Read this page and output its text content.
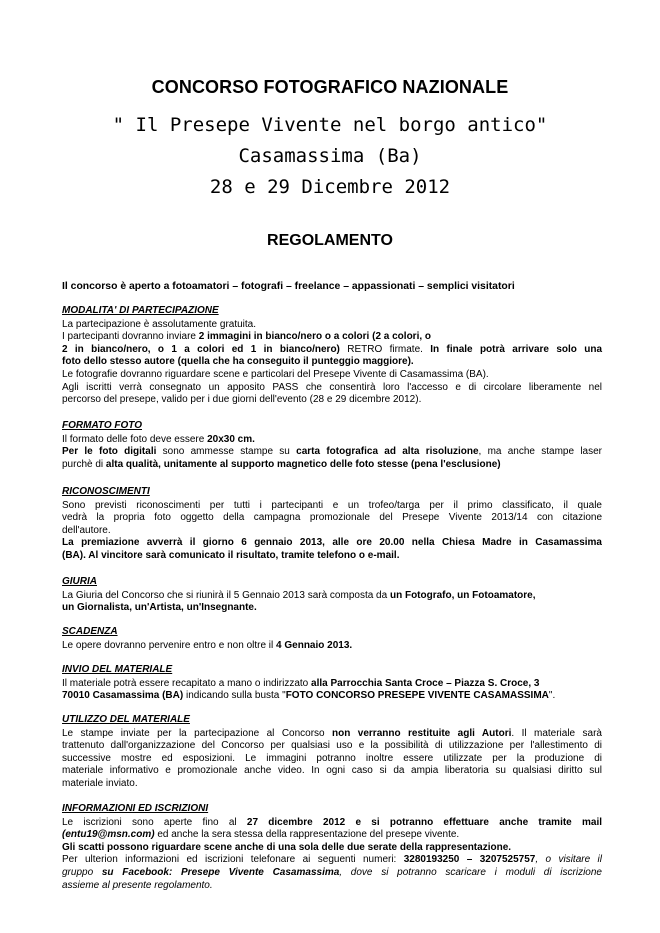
CONCORSO FOTOGRAFICO NAZIONALE
" Il Presepe Vivente nel borgo antico"
Casamassima (Ba)
28 e 29 Dicembre 2012
REGOLAMENTO
Il concorso è aperto a fotoamatori – fotografi – freelance – appassionati – semplici visitatori
MODALITA' DI PARTECIPAZIONE
La partecipazione è assolutamente gratuita.
I partecipanti dovranno inviare 2 immagini in bianco/nero o a colori (2 a colori, o
2 in bianco/nero, o 1 a colori ed 1 in bianco/nero) RETRO firmate. In finale potrà arrivare solo una
foto dello stesso autore (quella che ha conseguito il punteggio maggiore).
Le fotografie dovranno riguardare scene e particolari del Presepe Vivente di Casamassima (BA).
Agli iscritti verrà consegnato un apposito PASS che consentirà loro l'accesso e di circolare liberamente nel
percorso del presepe, valido per i due giorni dell'evento (28 e 29 dicembre 2012).
FORMATO FOTO
Il formato delle foto deve essere 20x30 cm.
Per le foto digitali sono ammesse stampe su carta fotografica ad alta risoluzione, ma anche stampe laser
purchè di alta qualità, unitamente al supporto magnetico delle foto stesse (pena l'esclusione)
RICONOSCIMENTI
Sono previsti riconoscimenti per tutti i partecipanti e un trofeo/targa per il primo classificato, il quale
vedrà la propria foto oggetto della campagna promozionale del Presepe Vivente 2013/14 con citazione
dell'autore.
La premiazione avverrà il giorno 6 gennaio 2013, alle ore 20.00 nella Chiesa Madre in Casamassima
(BA). Al vincitore sarà comunicato il risultato, tramite telefono o e-mail.
GIURIA
La Giuria del Concorso che si riunirà il 5 Gennaio 2013 sarà composta da un Fotografo, un Fotoamatore,
un Giornalista, un'Artista, un'Insegnante.
SCADENZA
Le opere dovranno pervenire entro e non oltre il 4 Gennaio 2013.
INVIO DEL MATERIALE
Il materiale potrà essere recapitato a mano o indirizzato alla Parrocchia Santa Croce – Piazza S. Croce, 3
70010 Casamassima (BA) indicando sulla busta "FOTO CONCORSO PRESEPE VIVENTE CASAMASSIMA".
UTILIZZO DEL MATERIALE
Le stampe inviate per la partecipazione al Concorso non verranno restituite agli Autori. Il materiale sarà
trattenuto dall'organizzazione del Concorso per qualsiasi uso e la possibilità di utilizzazione per l'allestimento di
successive mostre ed esposizioni. Le immagini potranno inoltre essere utilizzate per la produzione di
materiale informativo e promozionale anche video. In ogni caso si da ampia liberatoria su qualsiasi diritto sul
materiale inviato.
INFORMAZIONI ED ISCRIZIONI
Le iscrizioni sono aperte fino al 27 dicembre 2012 e si potranno effettuare anche tramite mail
(entu19@msn.com) ed anche la sera stessa della rappresentazione del presepe vivente.
Gli scatti possono riguardare scene anche di una sola delle due serate della rappresentazione.
Per ulterion informazioni ed iscrizioni telefonare ai seguenti numeri: 3280193250 – 3207525757, o visitare il
gruppo su Facebook: Presepe Vivente Casamassima, dove si potranno scaricare i moduli di iscrizione
assieme al presente regolamento.
